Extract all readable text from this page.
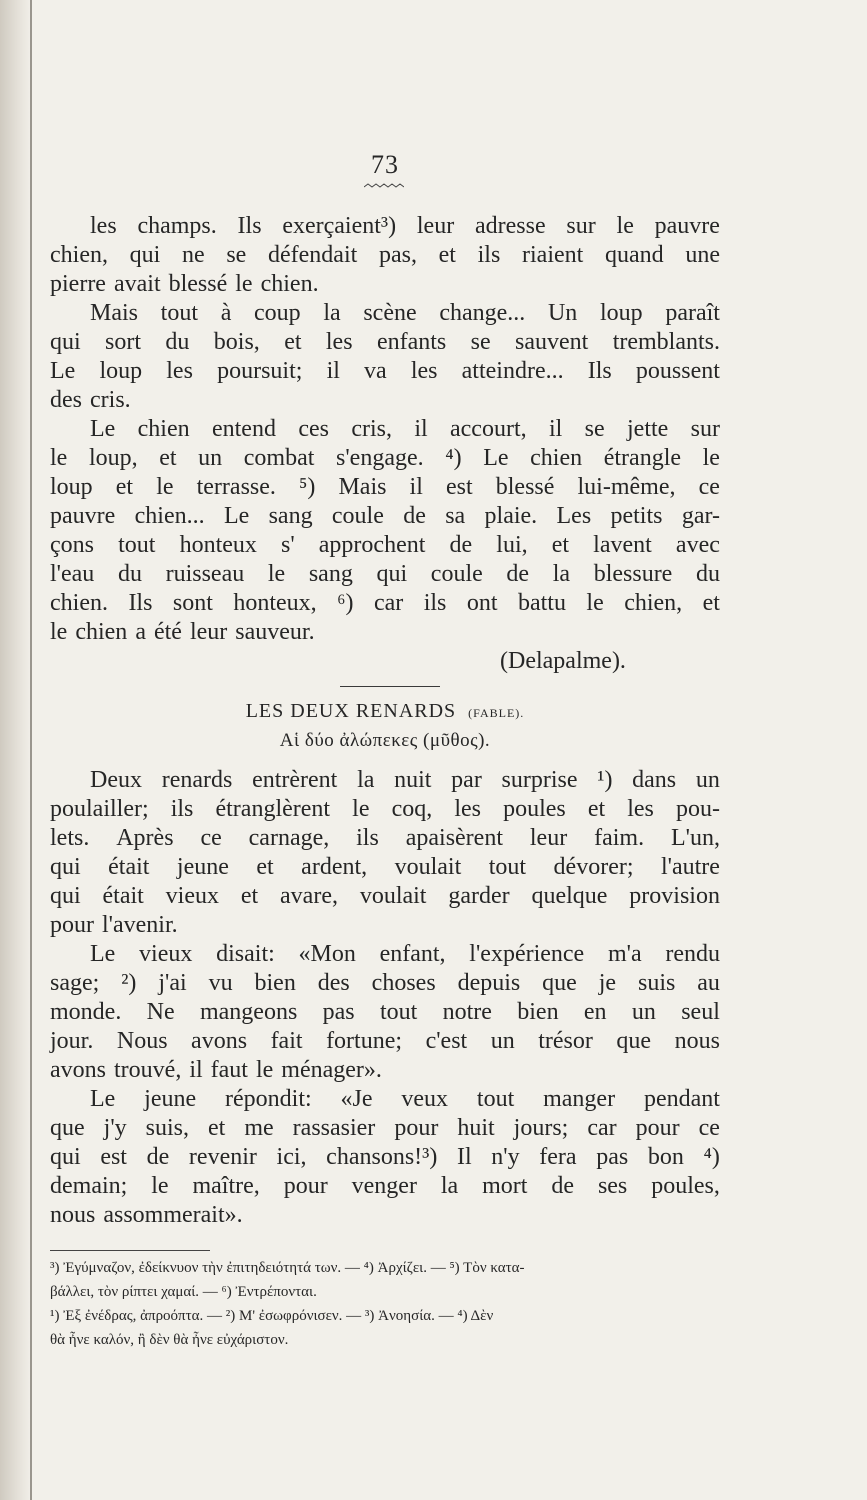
73
les champs. Ils exerçaient³) leur adresse sur le pauvre
chien, qui ne se défendait pas, et ils riaient quand une
pierre avait blessé le chien.
Mais tout à coup la scène change... Un loup paraît
qui sort du bois, et les enfants se sauvent tremblants.
Le loup les poursuit; il va les atteindre... Ils poussent
des cris.
Le chien entend ces cris, il accourt, il se jette sur
le loup, et un combat s'engage. ⁴) Le chien étrangle le
loup et le terrasse. ⁵) Mais il est blessé lui-même, ce
pauvre chien... Le sang coule de sa plaie. Les petits gar-
çons tout honteux s' approchent de lui, et lavent avec
l'eau du ruisseau le sang qui coule de la blessure du
chien. Ils sont honteux, ⁶) car ils ont battu le chien, et
le chien a été leur sauveur.
(Delapalme).
LES DEUX RENARDS (FABLE).
Αἱ δύο ἀλώπεκες (μῦθος).
Deux renards entrèrent la nuit par surprise ¹) dans un
poulailler; ils étranglèrent le coq, les poules et les pou-
lets. Après ce carnage, ils apaisèrent leur faim. L'un,
qui était jeune et ardent, voulait tout dévorer; l'autre
qui était vieux et avare, voulait garder quelque provision
pour l'avenir.
Le vieux disait: «Mon enfant, l'expérience m'a rendu
sage; ²) j'ai vu bien des choses depuis que je suis au
monde. Ne mangeons pas tout notre bien en un seul
jour. Nous avons fait fortune; c'est un trésor que nous
avons trouvé, il faut le ménager».
Le jeune répondit: «Je veux tout manger pendant
que j'y suis, et me rassasier pour huit jours; car pour ce
qui est de revenir ici, chansons!³) Il n'y fera pas bon ⁴)
demain; le maître, pour venger la mort de ses poules,
nous assommerait».
³) Ἐγύμναζον, ἐδείκνυον τὴν ἐπιτηδειότητά των. — ⁴) Ἀρχίζει. — ⁵) Τὸν κατα-
βάλλει, τὸν ρίπτει χαμαί. — ⁶) Ἐντρέπονται.
¹) Ἐξ ἐνέδρας, ἀπροόπτα. — ²) Μ' ἐσωφρόνισεν. — ³) Ἀνοησία. — ⁴) Δὲν
θὰ ἦνε καλόν, ἢ δὲν θὰ ἦνε εὐχάριστον.
